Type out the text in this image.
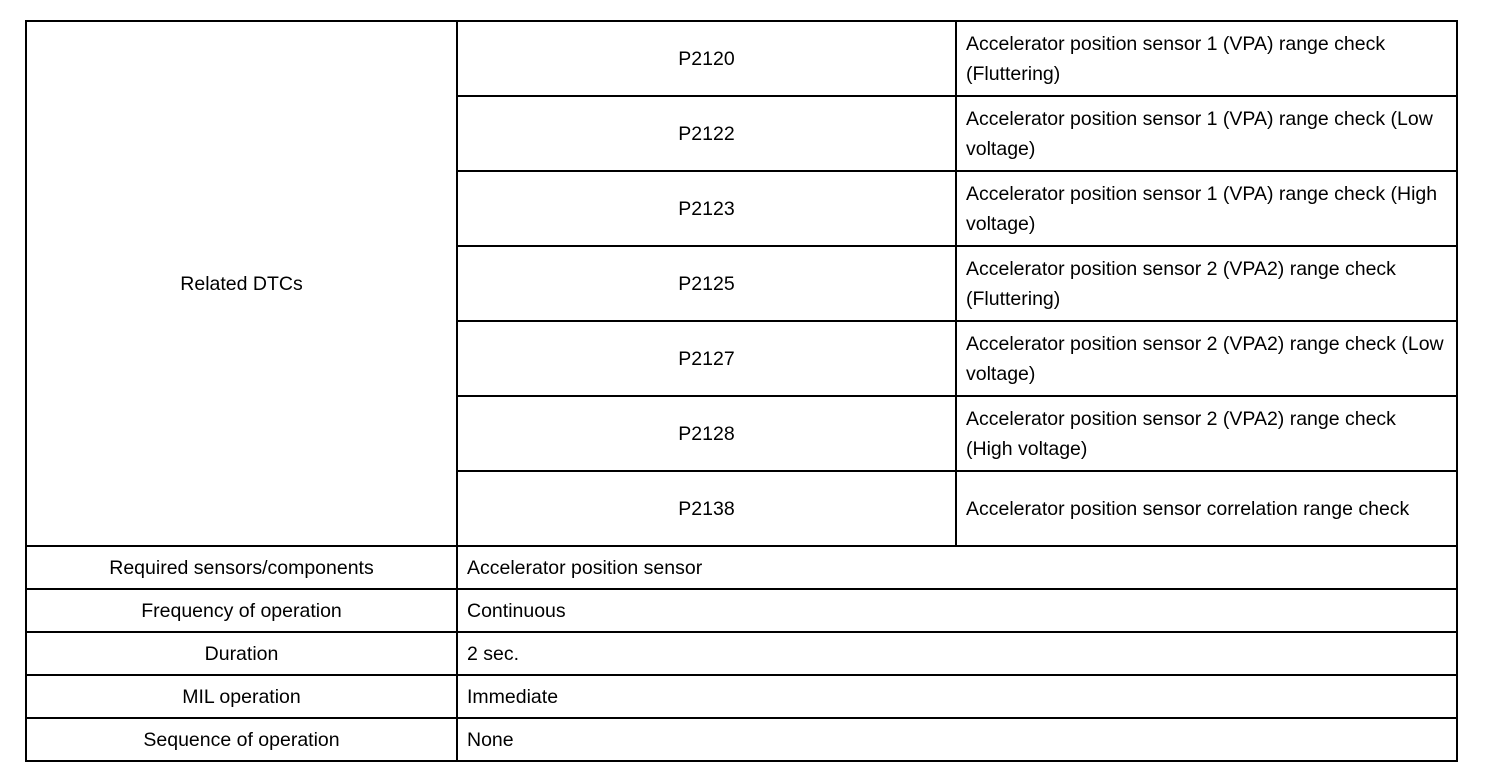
Related DTCs	P2120	Accelerator position sensor 1 (VPA) range check (Fluttering)
	P2122	Accelerator position sensor 1 (VPA) range check (Low voltage)
	P2123	Accelerator position sensor 1 (VPA) range check (High voltage)
	P2125	Accelerator position sensor 2 (VPA2) range check (Fluttering)
	P2127	Accelerator position sensor 2 (VPA2) range check (Low voltage)
	P2128	Accelerator position sensor 2 (VPA2) range check (High voltage)
	P2138	Accelerator position sensor correlation range check
Required sensors/components	Accelerator position sensor	
Frequency of operation	Continuous	
Duration	2 sec.	
MIL operation	Immediate	
Sequence of operation	None	
